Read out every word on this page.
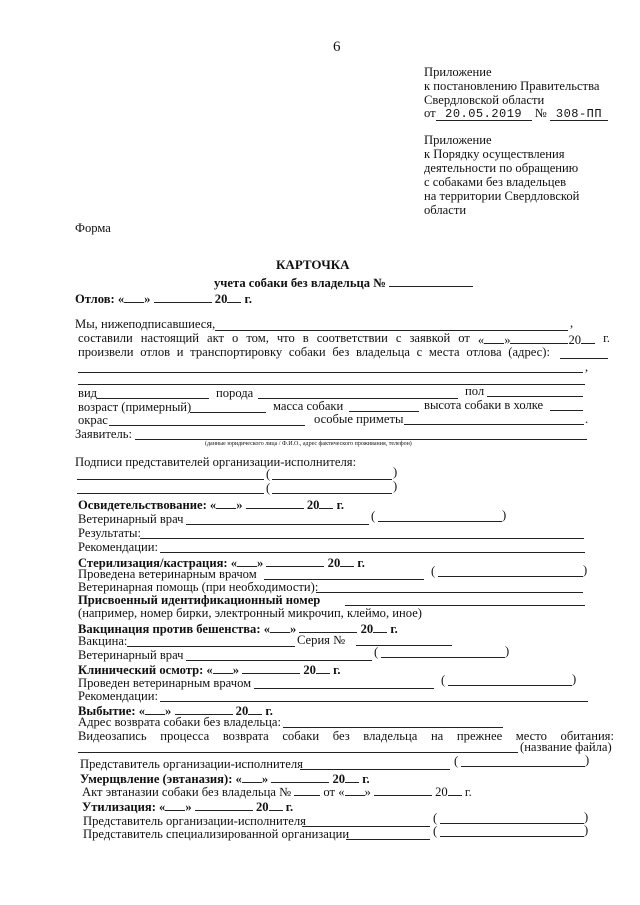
6
Приложение
к постановлению Правительства
Свердловской области
от 20.05.2019 № 308-ПП
Приложение
к Порядку осуществления
деятельности по обращению
с собаками без владельцев
на территории Свердловской
области
Форма
КАРТОЧКА
учета собаки без владельца №
Отлов: « »	20 г.
Мы, нижеподписавшиеся,	,
составили настоящий акт о том, что в соответствии с заявкой от « »	20	г.
произвели отлов и транспортировку собаки без владельца с места отлова (адрес):
,
вид	порода	пол
возраст (примерный)	масса собаки	высота собаки в холке
окрас	особые приметы	.
Заявитель:
(данные юридического лица / Ф.И.О., адрес фактического проживания, телефон)
Подписи представителей организации-исполнителя:
(	)
(	)
Освидетельствование: « »	20 г.
Ветеринарный врач	(	)
Результаты:
Рекомендации:
Стерилизация/кастрация: « »	20 г.
Проведена ветеринарным врачом	(	)
Ветеринарная помощь (при необходимости):
Присвоенный идентификационный номер
(например, номер бирки, электронный микрочип, клеймо, иное)
Вакцинация против бешенства: « »	20 г.
Вакцина:	Серия №
Ветеринарный врач	(	)
Клинический осмотр: « »	20 г.
Проведен ветеринарным врачом	(	)
Рекомендации:
Выбытие: « »	20 г.
Адрес возврата собаки без владельца:
Видеозапись процесса возврата собаки без владельца на прежнее место обитания:
(название файла)
Представитель организации-исполнителя	(	)
Умерщвление (эвтаназия): « »	20 г.
Акт эвтаназии собаки без владельца №	от « »	20 г.
Утилизация: « »	20 г.
Представитель организации-исполнителя	(	)
Представитель специализированной организации	(	)
